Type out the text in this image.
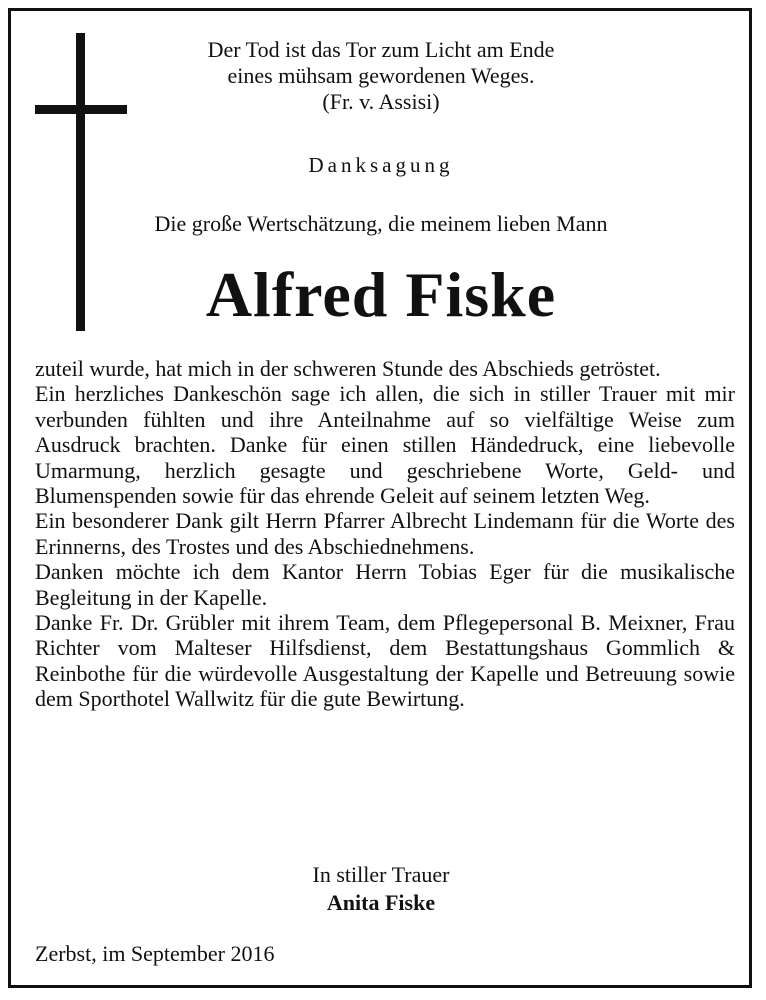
Der Tod ist das Tor zum Licht am Ende
eines mühsam gewordenen Weges.
(Fr. v. Assisi)
Danksagung
Die große Wertschätzung, die meinem lieben Mann
Alfred Fiske
zuteil wurde, hat mich in der schweren Stunde des Abschieds getröstet.
Ein herzliches Dankeschön sage ich allen, die sich in stiller Trauer mit mir verbunden fühlten und ihre Anteilnahme auf so vielfältige Weise zum Ausdruck brachten. Danke für einen stillen Händedruck, eine liebevolle Umarmung, herzlich gesagte und geschriebene Worte, Geld- und Blumenspenden sowie für das ehrende Geleit auf seinem letzten Weg.
Ein besonderer Dank gilt Herrn Pfarrer Albrecht Lindemann für die Worte des Erinnerns, des Trostes und des Abschiednehmens.
Danken möchte ich dem Kantor Herrn Tobias Eger für die musikalische Begleitung in der Kapelle.
Danke Fr. Dr. Grübler mit ihrem Team, dem Pflegepersonal B. Meixner, Frau Richter vom Malteser Hilfsdienst, dem Bestattungshaus Gommlich & Reinbothe für die würdevolle Ausgestaltung der Kapelle und Betreuung sowie dem Sporthotel Wallwitz für die gute Bewirtung.
In stiller Trauer
Anita Fiske
Zerbst, im September 2016
